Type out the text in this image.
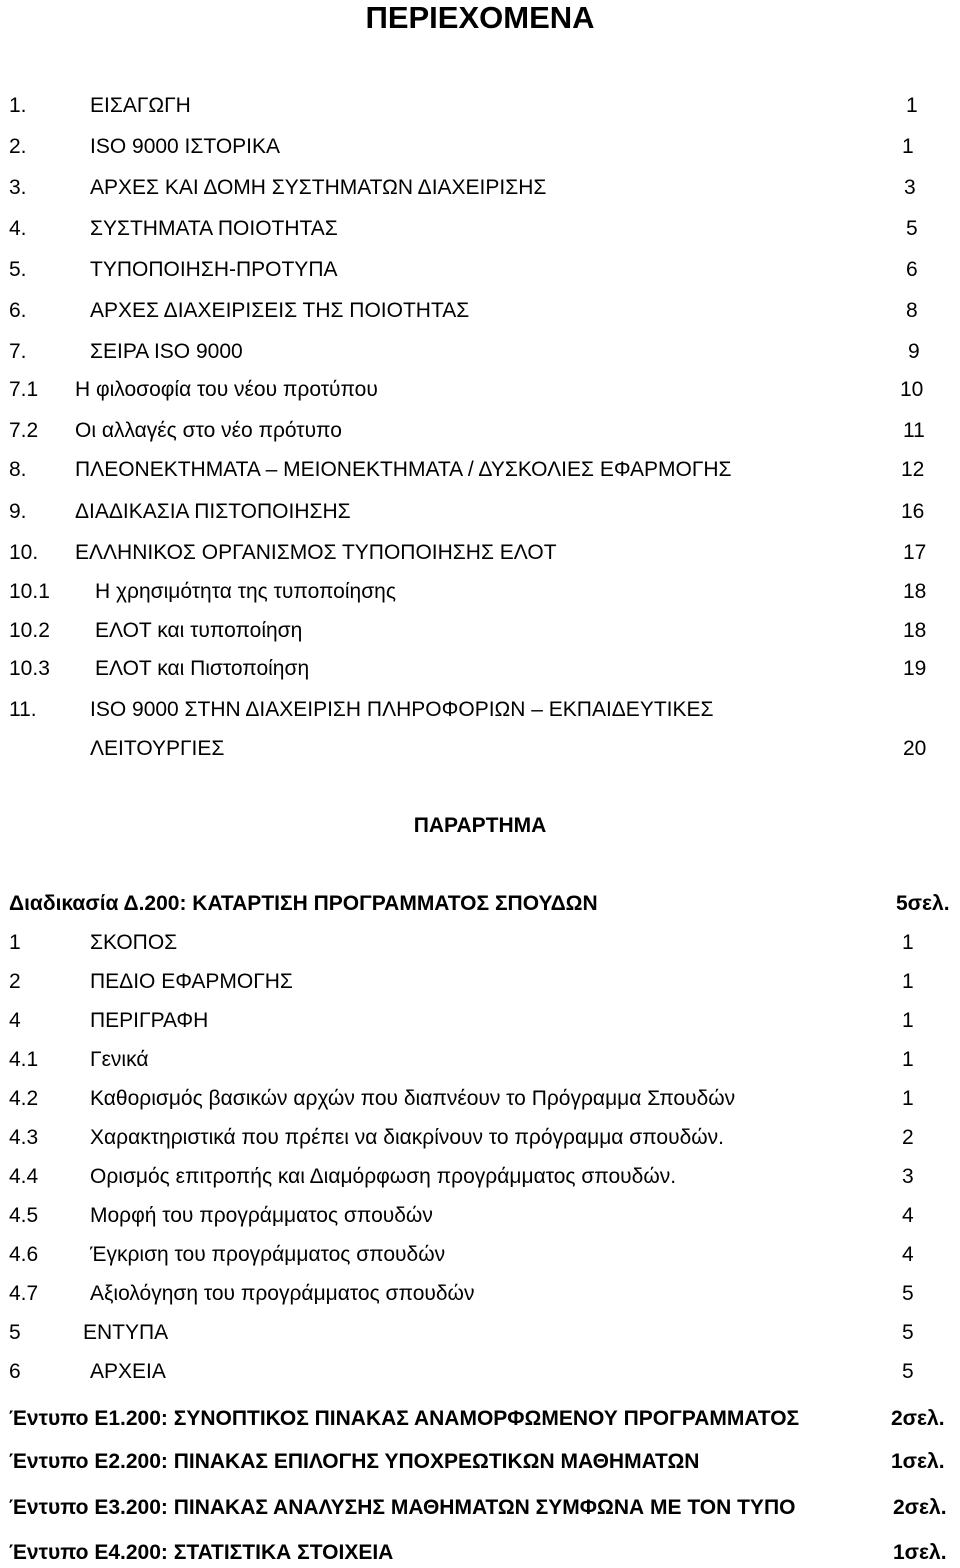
ΠΕΡΙΕΧΟΜΕΝΑ
1.	ΕΙΣΑΓΩΓΗ	1
2.	ISO 9000 ΙΣΤΟΡΙΚΑ	1
3.	ΑΡΧΕΣ ΚΑΙ ΔΟΜΗ ΣΥΣΤΗΜΑΤΩΝ ΔΙΑΧΕΙΡΙΣΗΣ	3
4.	ΣΥΣΤΗΜΑΤΑ ΠΟΙΟΤΗΤΑΣ	5
5.	ΤΥΠΟΠΟΙΗΣΗ-ΠΡΟΤΥΠΑ	6
6.	ΑΡΧΕΣ ΔΙΑΧΕΙΡΙΣΕΙΣ ΤΗΣ ΠΟΙΟΤΗΤΑΣ	8
7.	ΣΕΙΡΑ ISO 9000	9
7.1 Η φιλοσοφία του νέου προτύπου	10
7.2 Οι αλλαγές στο νέο πρότυπο	11
8. ΠΛΕΟΝΕΚΤΗΜΑΤΑ – ΜΕΙΟΝΕΚΤΗΜΑΤΑ / ΔΥΣΚΟΛΙΕΣ ΕΦΑΡΜΟΓΗΣ	12
9. ΔΙΑΔΙΚΑΣΙΑ ΠΙΣΤΟΠΟΙΗΣΗΣ	16
10. ΕΛΛΗΝΙΚΟΣ ΟΡΓΑΝΙΣΜΟΣ ΤΥΠΟΠΟΙΗΣΗΣ ΕΛΟΤ	17
10.1 Η χρησιμότητα της τυποποίησης	18
10.2 ΕΛΟΤ και τυποποίηση	18
10.3 ΕΛΟΤ και Πιστοποίηση	19
11.	ISO 9000 ΣΤΗΝ ΔΙΑΧΕΙΡΙΣΗ ΠΛΗΡΟΦΟΡΙΩΝ – ΕΚΠΑΙΔΕΥΤΙΚΕΣ
ΛΕΙΤΟΥΡΓΙΕΣ	20
ΠΑΡΑΡΤΗΜΑ
Διαδικασία Δ.200: ΚΑΤΑΡΤΙΣΗ ΠΡΟΓΡΑΜΜΑΤΟΣ ΣΠΟΥΔΩΝ	5σελ.
1	ΣΚΟΠΟΣ	1
2	ΠΕΔΙΟ ΕΦΑΡΜΟΓΗΣ	1
4	ΠΕΡΙΓΡΑΦΗ	1
4.1 Γενικά	1
4.2 Καθορισμός βασικών αρχών που διαπνέουν το Πρόγραμμα Σπουδών	1
4.3 Χαρακτηριστικά που πρέπει να διακρίνουν το πρόγραμμα σπουδών.	2
4.4 Ορισμός επιτροπής και Διαμόρφωση προγράμματος σπουδών.	3
4.5 Μορφή του προγράμματος σπουδών	4
4.6 Έγκριση του προγράμματος σπουδών	4
4.7 Αξιολόγηση του προγράμματος σπουδών	5
5	ΕΝΤΥΠΑ	5
6	ΑΡΧΕΙΑ	5
Έντυπο Ε1.200: ΣΥΝΟΠΤΙΚΟΣ ΠΙΝΑΚΑΣ ΑΝΑΜΟΡΦΩΜΕΝΟΥ ΠΡΟΓΡΑΜΜΑΤΟΣ	2σελ.
Έντυπο Ε2.200: ΠΙΝΑΚΑΣ ΕΠΙΛΟΓΗΣ ΥΠΟΧΡΕΩΤΙΚΩΝ ΜΑΘΗΜΑΤΩΝ	1σελ.
Έντυπο Ε3.200: ΠΙΝΑΚΑΣ ΑΝΑΛΥΣΗΣ ΜΑΘΗΜΑΤΩΝ ΣΥΜΦΩΝΑ ΜΕ ΤΟΝ ΤΥΠΟ	2σελ.
Έντυπο Ε4.200: ΣΤΑΤΙΣΤΙΚΑ ΣΤΟΙΧΕΙΑ	1σελ.
